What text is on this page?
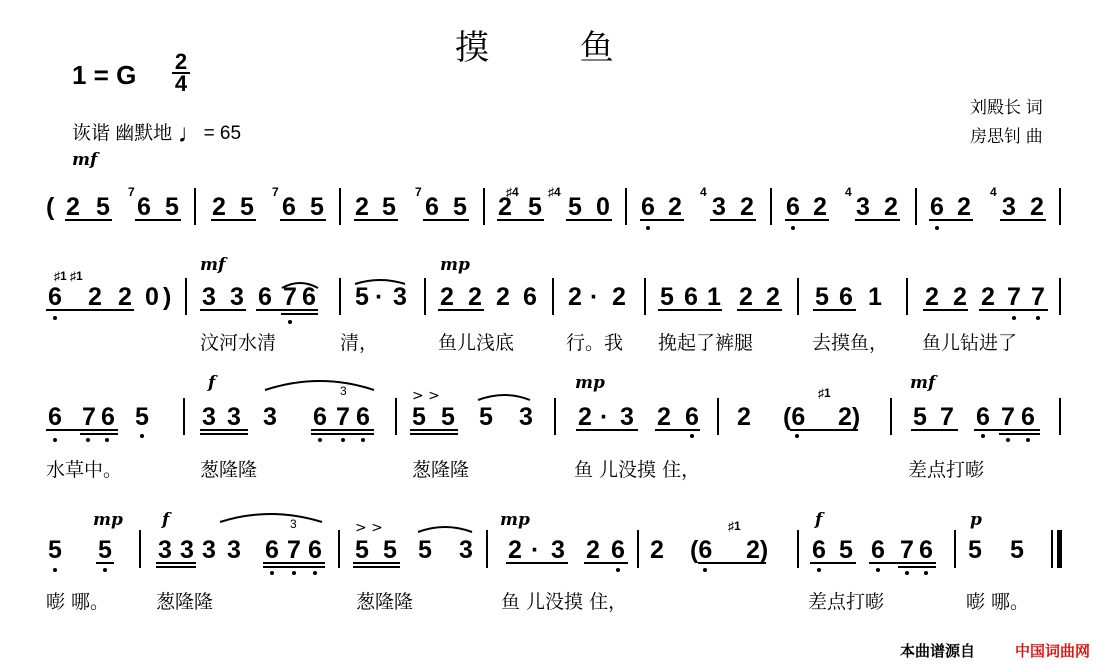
摸 鱼
1 = G 2
4
诙谐 幽默地 ♩= 65
刘殿长 词
房思钊 曲
mf
( 2 5 6 5 2 5 6 5 2 5 6 5 2 5 5 0 6 2 3 2 6 2 3 2 6 2 3 2
7	7	7	♯4 ♯4	4	4	4
mf	mp
6 2 2 0 ) 3 3 6 7 6 5 · 3 2 2 2 6 2 · 2 5 6 1 2 2 5 6 1 2 2 2 7 7
♯1 ♯1
f	mp	mf
6 7 6 5 3 3 3 6 7 6 5 5 5 3 2 · 3 2 6 2 (6 2) 5 7 6 7 6
> >
3	♯1
mp f	mp	f	p
5 5 3 3 3 3 6 7 6 5 5 5 3 2 · 3 2 6 2 (6 2) 6 5 6 7 6 5 5
> >
3	♯1
汶河水清	清，	鱼儿浅底	行。我 挽起了裤腿	去摸鱼， 鱼儿钻进了
水草中。	葱隆隆	葱隆隆	鱼 儿没摸 住，	差点打嘭
嘭 哪。 葱隆隆	葱隆隆	鱼 儿没摸 住，	差点打嘭	嘭 哪。
本曲谱源自	中国词曲网
